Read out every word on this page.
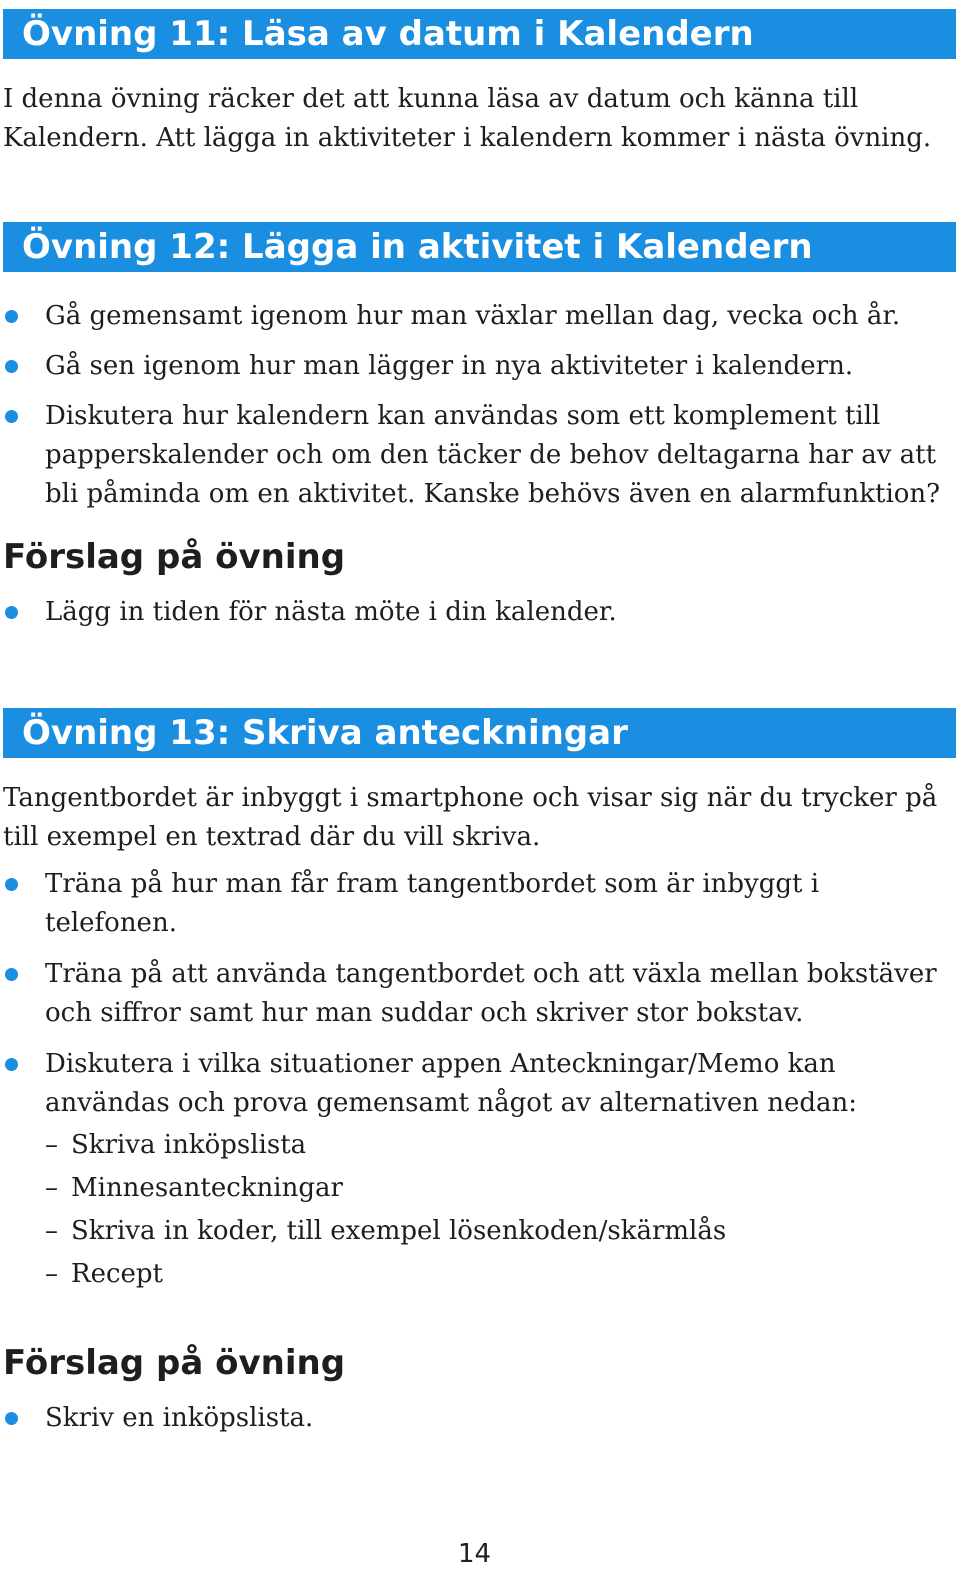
Övning 11: Läsa av datum i Kalendern

I denna övning räcker det att kunna läsa av datum och känna till Kalendern. Att lägga in aktiviteter i kalendern kommer i nästa övning.

Övning 12: Lägga in aktivitet i Kalendern
Gå gemensamt igenom hur man växlar mellan dag, vecka och år.
Gå sen igenom hur man lägger in nya aktiviteter i kalendern.
Diskutera hur kalendern kan användas som ett komplement till papperskalender och om den täcker de behov deltagarna har av att bli påminda om en aktivitet. Kanske behövs även en alarmfunktion?
Förslag på övning
Lägg in tiden för nästa möte i din kalender.
Övning 13: Skriva anteckningar

Tangentbordet är inbyggt i smartphone och visar sig när du trycker på till exempel en textrad där du vill skriva.

Träna på hur man får fram tangentbordet som är inbyggt i telefonen.
Träna på att använda tangentbordet och att växla mellan bokstäver och siffror samt hur man suddar och skriver stor bokstav.
Diskutera i vilka situationer appen Anteckningar/Memo kan användas och prova gemensamt något av alternativen nedan:
– Skriva inköpslista
– Minnesanteckningar
– Skriva in koder, till exempel lösenkoden/skärmlås
– Recept
Förslag på övning
Skriv en inköpslista.
14
